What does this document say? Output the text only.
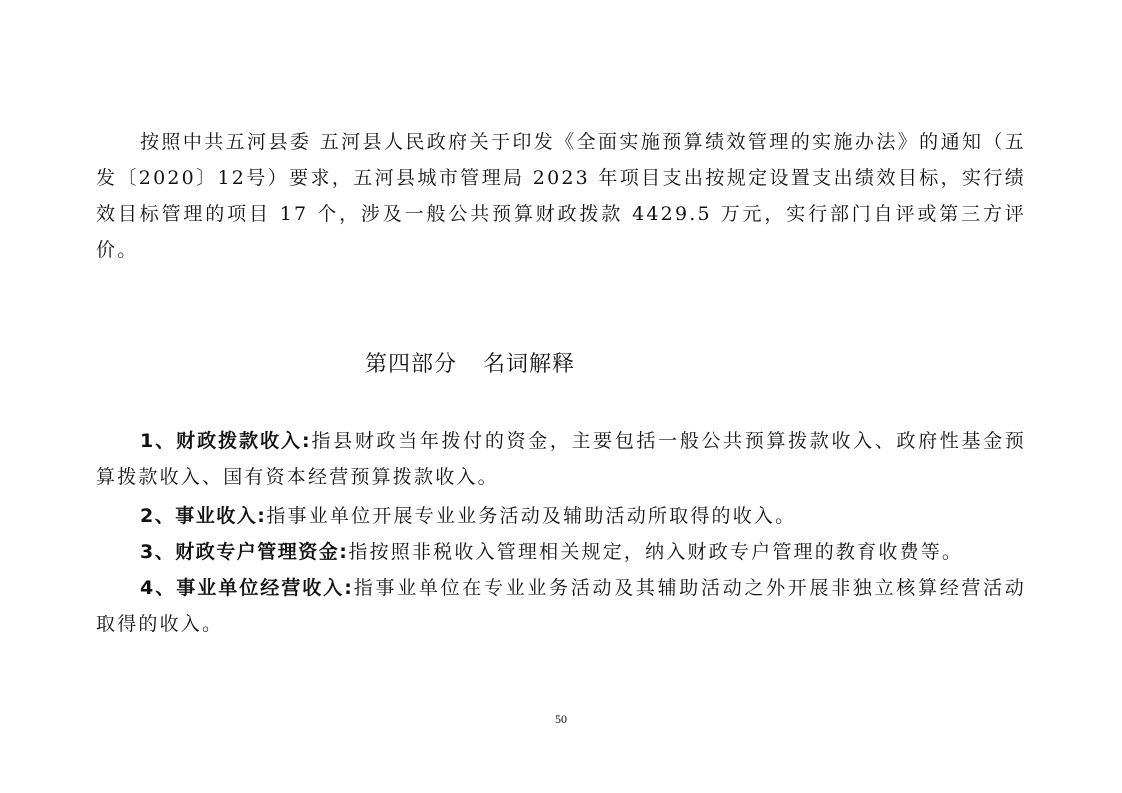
按照中共五河县委 五河县人民政府关于印发《全面实施预算绩效管理的实施办法》的通知（五发〔2020〕12号）要求，五河县城市管理局 2023 年项目支出按规定设置支出绩效目标，实行绩效目标管理的项目 17 个，涉及一般公共预算财政拨款 4429.5 万元，实行部门自评或第三方评价。

第四部分 名词解释

1、财政拨款收入:指县财政当年拨付的资金，主要包括一般公共预算拨款收入、政府性基金预算拨款收入、国有资本经营预算拨款收入。

2、事业收入:指事业单位开展专业业务活动及辅助活动所取得的收入。

3、财政专户管理资金:指按照非税收入管理相关规定，纳入财政专户管理的教育收费等。

4、事业单位经营收入:指事业单位在专业业务活动及其辅助活动之外开展非独立核算经营活动取得的收入。

50
